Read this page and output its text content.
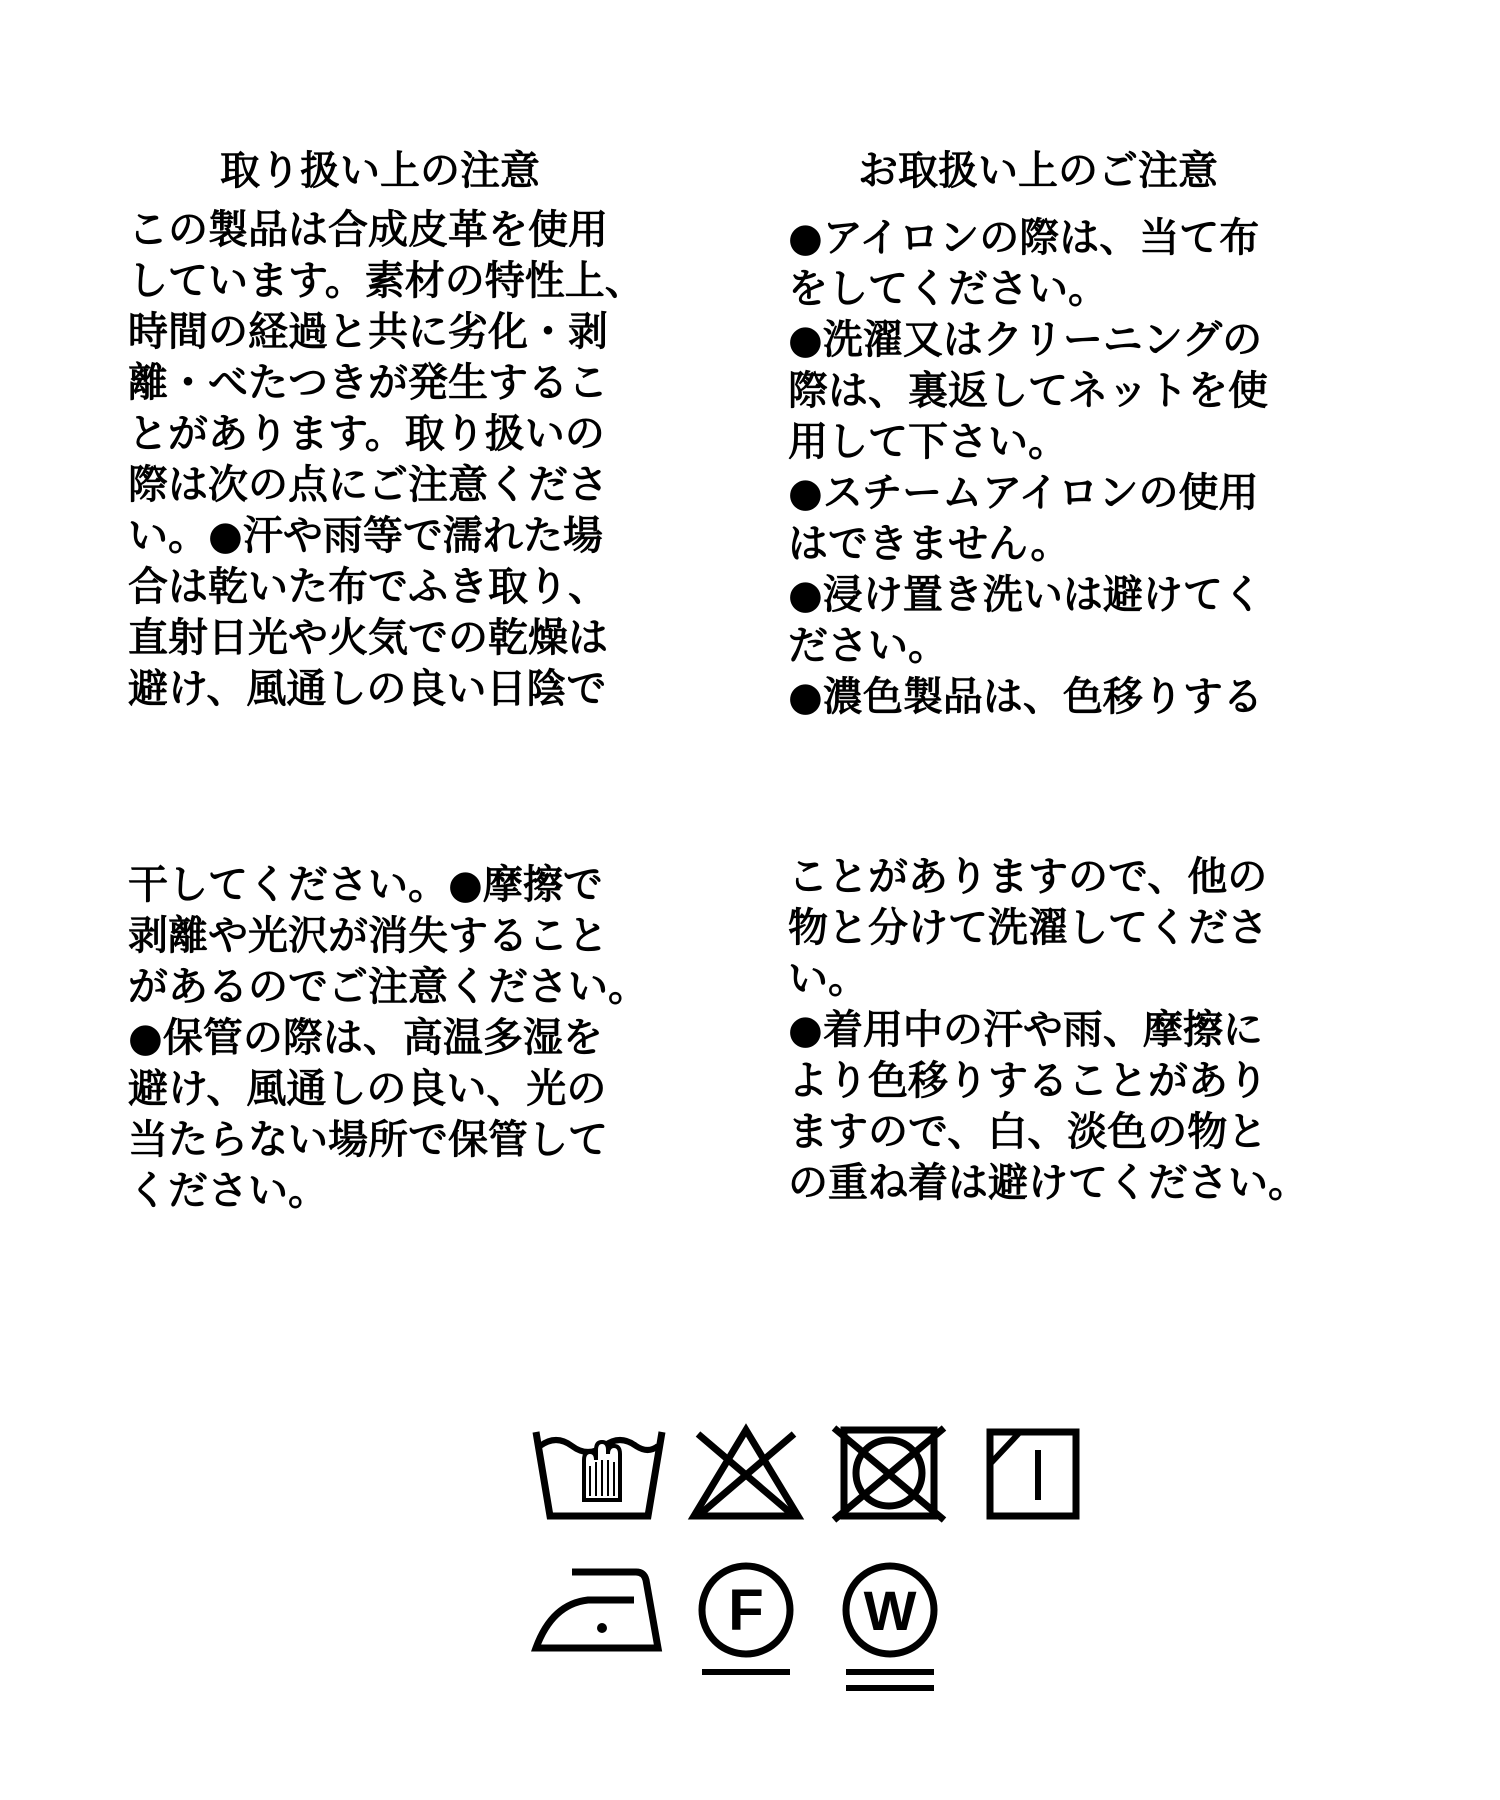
取り扱い上の注意	お取扱い上のご注意
この製品は合成皮革を使用
しています。素材の特性上、
時間の経過と共に劣化・剥
離・べたつきが発生するこ
とがあります。取り扱いの
際は次の点にご注意くださ
い。●汗や雨等で濡れた場
合は乾いた布でふき取り、
直射日光や火気での乾燥は
避け、風通しの良い日陰で
●アイロンの際は、当て布
をしてください。
●洗濯又はクリーニングの
際は、裏返してネットを使
用して下さい。
●スチームアイロンの使用
はできません。
●浸け置き洗いは避けてく
ださい。
●濃色製品は、色移りする
干してください。●摩擦で
剥離や光沢が消失すること
があるのでご注意ください。
●保管の際は、高温多湿を
避け、風通しの良い、光の
当たらない場所で保管して
ください。
ことがありますので、他の
物と分けて洗濯してくださ
い。
●着用中の汗や雨、摩擦に
より色移りすることがあり
ますので、白、淡色の物と
の重ね着は避けてください。
F W
